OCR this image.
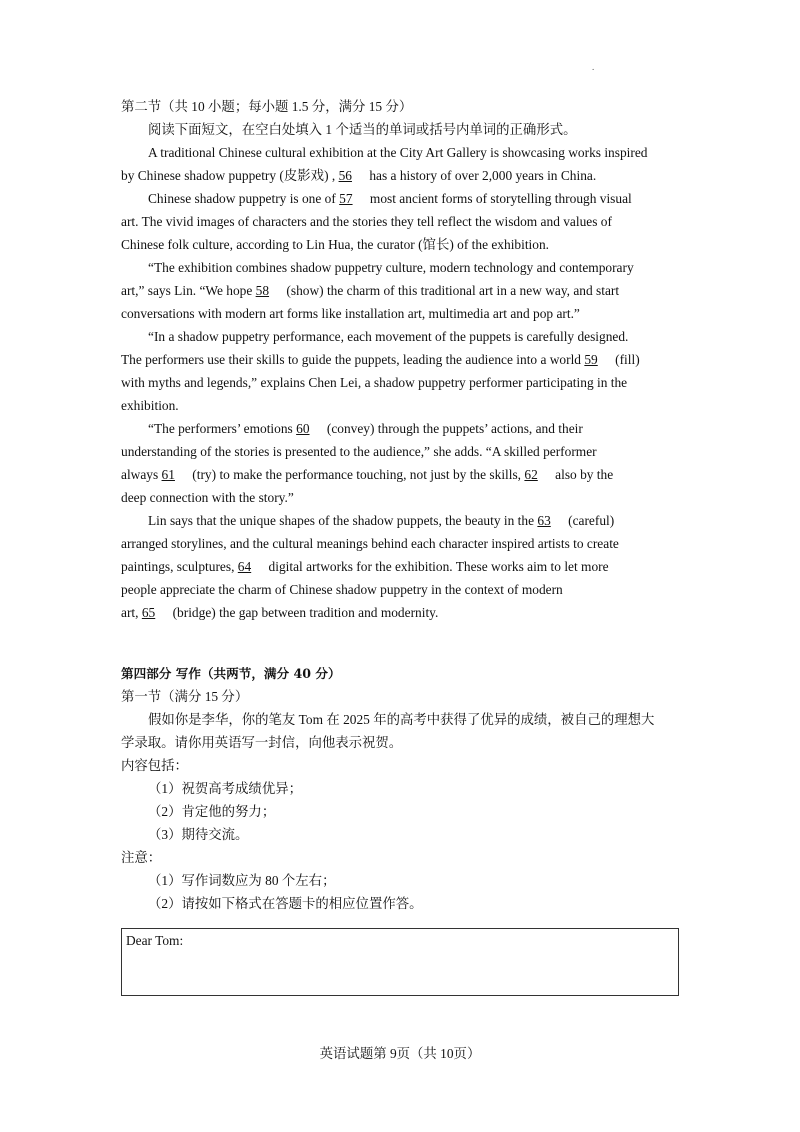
.
第二节（共 10 小题；每小题 1.5 分，满分 15 分）
阅读下面短文，在空白处填入 1 个适当的单词或括号内单词的正确形式。
A traditional Chinese cultural exhibition at the City Art Gallery is showcasing works inspired
by Chinese shadow puppetry (皮影戏) , 56 has a history of over 2,000 years in China.
Chinese shadow puppetry is one of 57 most ancient forms of storytelling through visual
art. The vivid images of characters and the stories they tell reflect the wisdom and values of
Chinese folk culture, according to Lin Hua, the curator (馆长) of the exhibition.
“The exhibition combines shadow puppetry culture, modern technology and contemporary
art,” says Lin. “We hope 58 (show) the charm of this traditional art in a new way, and start
conversations with modern art forms like installation art, multimedia art and pop art.”
“In a shadow puppetry performance, each movement of the puppets is carefully designed.
The performers use their skills to guide the puppets, leading the audience into a world 59 (fill)
with myths and legends,” explains Chen Lei, a shadow puppetry performer participating in the
exhibition.
“The performers’ emotions 60 (convey) through the puppets’ actions, and their
understanding of the stories is presented to the audience,” she adds. “A skilled performer
always 61 (try) to make the performance touching, not just by the skills, 62 also by the
deep connection with the story.”
Lin says that the unique shapes of the shadow puppets, the beauty in the 63 (careful)
arranged storylines, and the cultural meanings behind each character inspired artists to create
paintings, sculptures, 64 digital artworks for the exhibition. These works aim to let more
people appreciate the charm of Chinese shadow puppetry in the context of modern
art, 65 (bridge) the gap between tradition and modernity.
第四部分 写作（共两节，满分 40 分）
第一节（满分 15 分）
假如你是李华，你的笔友 Tom 在 2025 年的高考中获得了优异的成绩，被自己的理想大
学录取。请你用英语写一封信，向他表示祝贺。
内容包括：
（1）祝贺高考成绩优异；
（2）肯定他的努力；
（3）期待交流。
注意：
（1）写作词数应为 80 个左右；
（2）请按如下格式在答题卡的相应位置作答。
Dear Tom:
英语试题第 9页（共 10页）
